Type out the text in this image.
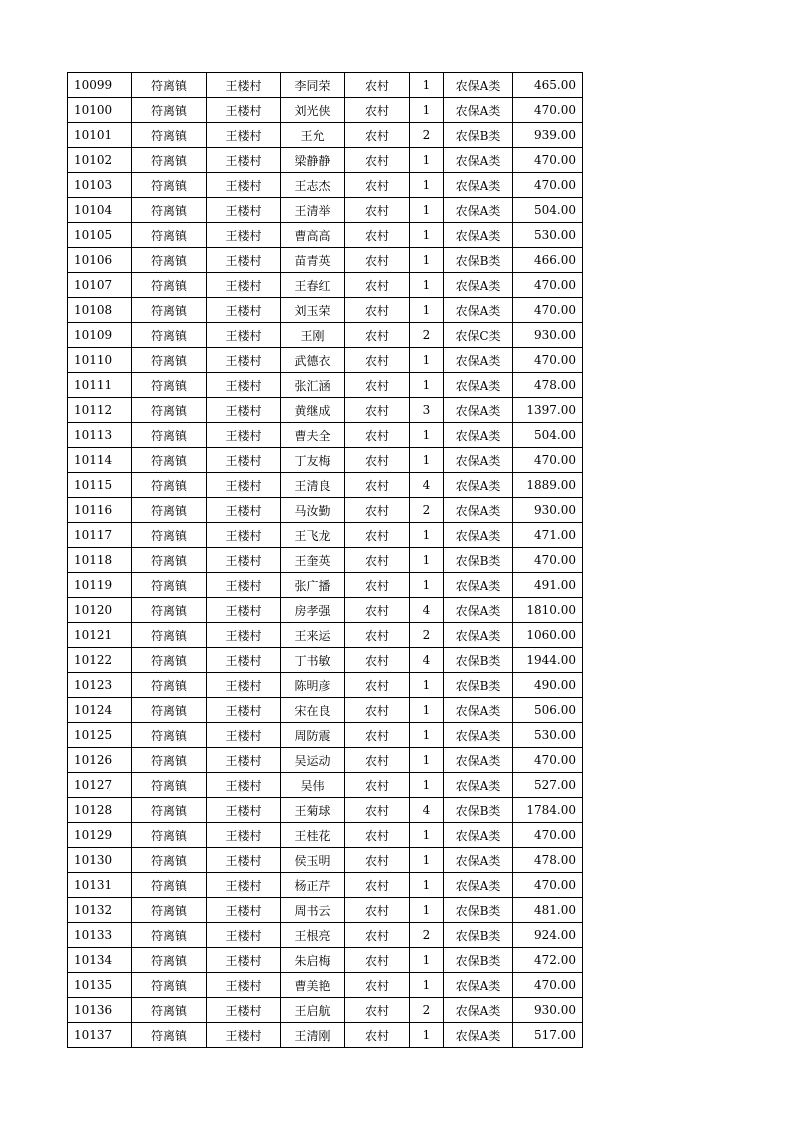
10099	符离镇	王楼村	李同荣	农村	1	农保A类	465.00
10100	符离镇	王楼村	刘光侠	农村	1	农保A类	470.00
10101	符离镇	王楼村	王允	农村	2	农保B类	939.00
10102	符离镇	王楼村	梁静静	农村	1	农保A类	470.00
10103	符离镇	王楼村	王志杰	农村	1	农保A类	470.00
10104	符离镇	王楼村	王清举	农村	1	农保A类	504.00
10105	符离镇	王楼村	曹高高	农村	1	农保A类	530.00
10106	符离镇	王楼村	苗青英	农村	1	农保B类	466.00
10107	符离镇	王楼村	王春红	农村	1	农保A类	470.00
10108	符离镇	王楼村	刘玉荣	农村	1	农保A类	470.00
10109	符离镇	王楼村	王刚	农村	2	农保C类	930.00
10110	符离镇	王楼村	武德衣	农村	1	农保A类	470.00
10111	符离镇	王楼村	张汇涵	农村	1	农保A类	478.00
10112	符离镇	王楼村	黄继成	农村	3	农保A类	1397.00
10113	符离镇	王楼村	曹夫全	农村	1	农保A类	504.00
10114	符离镇	王楼村	丁友梅	农村	1	农保A类	470.00
10115	符离镇	王楼村	王清良	农村	4	农保A类	1889.00
10116	符离镇	王楼村	马汝勤	农村	2	农保A类	930.00
10117	符离镇	王楼村	王飞龙	农村	1	农保A类	471.00
10118	符离镇	王楼村	王奎英	农村	1	农保B类	470.00
10119	符离镇	王楼村	张广播	农村	1	农保A类	491.00
10120	符离镇	王楼村	房孝强	农村	4	农保A类	1810.00
10121	符离镇	王楼村	王来运	农村	2	农保A类	1060.00
10122	符离镇	王楼村	丁书敏	农村	4	农保B类	1944.00
10123	符离镇	王楼村	陈明彦	农村	1	农保B类	490.00
10124	符离镇	王楼村	宋在良	农村	1	农保A类	506.00
10125	符离镇	王楼村	周防震	农村	1	农保A类	530.00
10126	符离镇	王楼村	吴运动	农村	1	农保A类	470.00
10127	符离镇	王楼村	吴伟	农村	1	农保A类	527.00
10128	符离镇	王楼村	王菊球	农村	4	农保B类	1784.00
10129	符离镇	王楼村	王桂花	农村	1	农保A类	470.00
10130	符离镇	王楼村	侯玉明	农村	1	农保A类	478.00
10131	符离镇	王楼村	杨正芹	农村	1	农保A类	470.00
10132	符离镇	王楼村	周书云	农村	1	农保B类	481.00
10133	符离镇	王楼村	王根亮	农村	2	农保B类	924.00
10134	符离镇	王楼村	朱启梅	农村	1	农保B类	472.00
10135	符离镇	王楼村	曹美艳	农村	1	农保A类	470.00
10136	符离镇	王楼村	王启航	农村	2	农保A类	930.00
10137	符离镇	王楼村	王清刚	农村	1	农保A类	517.00
